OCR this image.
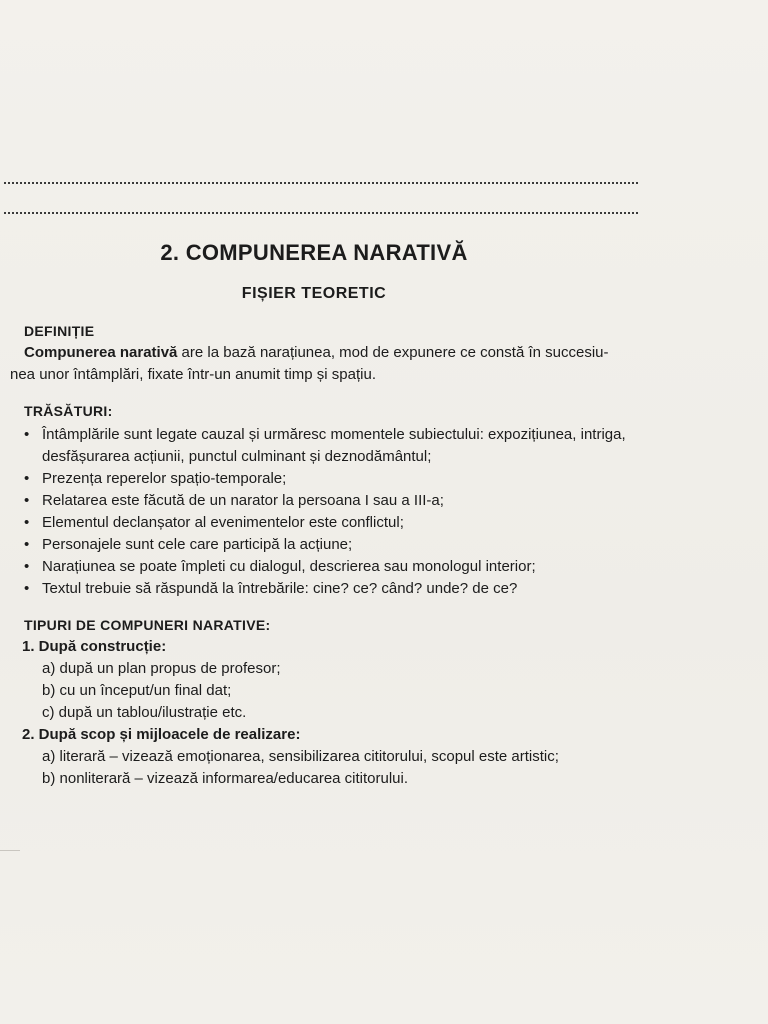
2. COMPUNEREA NARATIVĂ
FIȘIER TEORETIC
DEFINIȚIE
Compunerea narativă are la bază narațiunea, mod de expunere ce constă în succesiu-
nea unor întâmplări, fixate într-un anumit timp și spațiu.
TRĂSĂTURI:
• Întâmplările sunt legate cauzal și urmăresc momentele subiectului: expozițiunea, intriga, desfășurarea acțiunii, punctul culminant și deznodământul;
• Prezența reperelor spațio-temporale;
• Relatarea este făcută de un narator la persoana I sau a III-a;
• Elementul declanșator al evenimentelor este conflictul;
• Personajele sunt cele care participă la acțiune;
• Narațiunea se poate împleti cu dialogul, descrierea sau monologul interior;
• Textul trebuie să răspundă la întrebările: cine? ce? când? unde? de ce?
TIPURI DE COMPUNERI NARATIVE:
1. După construcție:
a) după un plan propus de profesor;
b) cu un început/un final dat;
c) după un tablou/ilustrație etc.
2. După scop și mijloacele de realizare:
a) literară – vizează emoționarea, sensibilizarea cititorului, scopul este artistic;
b) nonliterară – vizează informarea/educarea cititorului.
